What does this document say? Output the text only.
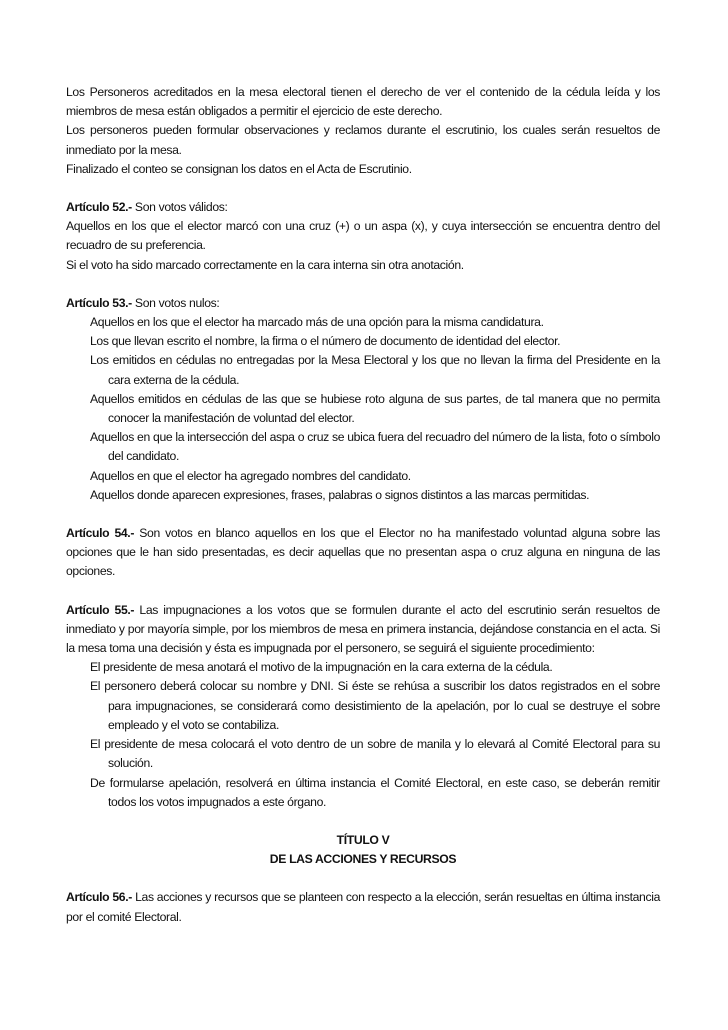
Los Personeros acreditados en la mesa electoral tienen el derecho de ver el contenido de la cédula leída y los miembros de mesa están obligados a permitir el ejercicio de este derecho.

Los personeros pueden formular observaciones y reclamos durante el escrutinio, los cuales serán resueltos de inmediato por la mesa.

Finalizado el conteo se consignan los datos en el Acta de Escrutinio.

Artículo 52.- Son votos válidos:

Aquellos en los que el elector marcó con una cruz (+) o un aspa (x), y cuya intersección se encuentra dentro del recuadro de su preferencia.

Si el voto ha sido marcado correctamente en la cara interna sin otra anotación.

Artículo 53.- Son votos nulos:

Aquellos en los que el elector ha marcado más de una opción para la misma candidatura.
Los que llevan escrito el nombre, la firma o el número de documento de identidad del elector.
Los emitidos en cédulas no entregadas por la Mesa Electoral y los que no llevan la firma del Presidente en la cara externa de la cédula.
Aquellos emitidos en cédulas de las que se hubiese roto alguna de sus partes, de tal manera que no permita conocer la manifestación de voluntad del elector.
Aquellos en que la intersección del aspa o cruz se ubica fuera del recuadro del número de la lista, foto o símbolo del candidato.
Aquellos en que el elector ha agregado nombres del candidato.
Aquellos donde aparecen expresiones, frases, palabras o signos distintos a las marcas permitidas.

Artículo 54.- Son votos en blanco aquellos en los que el Elector no ha manifestado voluntad alguna sobre las opciones que le han sido presentadas, es decir aquellas que no presentan aspa o cruz alguna en ninguna de las opciones.

Artículo 55.- Las impugnaciones a los votos que se formulen durante el acto del escrutinio serán resueltos de inmediato y por mayoría simple, por los miembros de mesa en primera instancia, dejándose constancia en el acta. Si la mesa toma una decisión y ésta es impugnada por el personero, se seguirá el siguiente procedimiento:

El presidente de mesa anotará el motivo de la impugnación en la cara externa de la cédula.
El personero deberá colocar su nombre y DNI. Si éste se rehúsa a suscribir los datos registrados en el sobre para impugnaciones, se considerará como desistimiento de la apelación, por lo cual se destruye el sobre empleado y el voto se contabiliza.
El presidente de mesa colocará el voto dentro de un sobre de manila y lo elevará al Comité Electoral para su solución.
De formularse apelación, resolverá en última instancia el Comité Electoral, en este caso, se deberán remitir todos los votos impugnados a este órgano.

TÍTULO V

DE LAS ACCIONES Y RECURSOS

Artículo 56.- Las acciones y recursos que se planteen con respecto a la elección, serán resueltas en última instancia por el comité Electoral.
